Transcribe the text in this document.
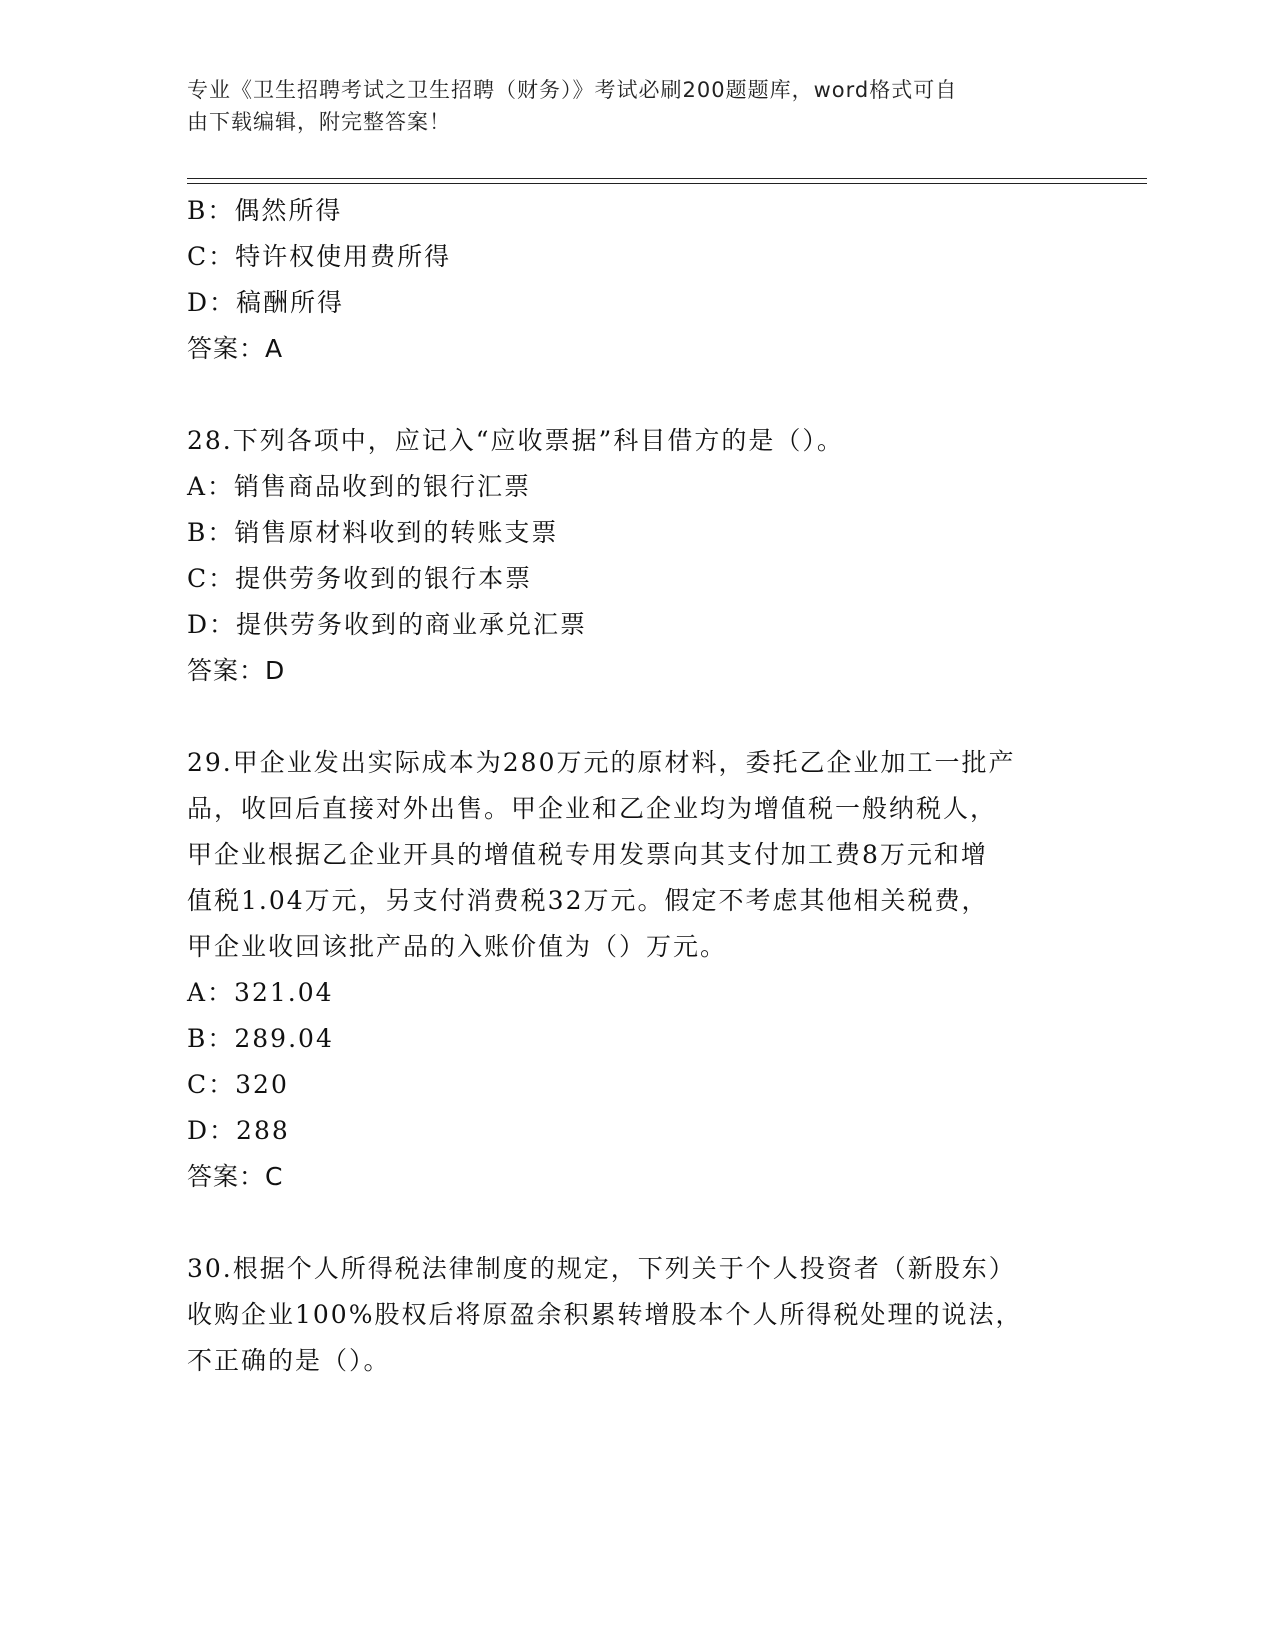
专业《卫生招聘考试之卫生招聘（财务）》考试必刷200题题库，word格式可自
由下载编辑，附完整答案！
B：偶然所得
C：特许权使用费所得
D：稿酬所得
答案：A
28.下列各项中，应记入“应收票据”科目借方的是（）。
A：销售商品收到的银行汇票
B：销售原材料收到的转账支票
C：提供劳务收到的银行本票
D：提供劳务收到的商业承兑汇票
答案：D
29.甲企业发出实际成本为280万元的原材料，委托乙企业加工一批产
品，收回后直接对外出售。甲企业和乙企业均为增值税一般纳税人，
甲企业根据乙企业开具的增值税专用发票向其支付加工费8万元和增
值税1.04万元，另支付消费税32万元。假定不考虑其他相关税费，
甲企业收回该批产品的入账价值为（）万元。
A：321.04
B：289.04
C：320
D：288
答案：C
30.根据个人所得税法律制度的规定，下列关于个人投资者（新股东）
收购企业100%股权后将原盈余积累转增股本个人所得税处理的说法，
不正确的是（）。
